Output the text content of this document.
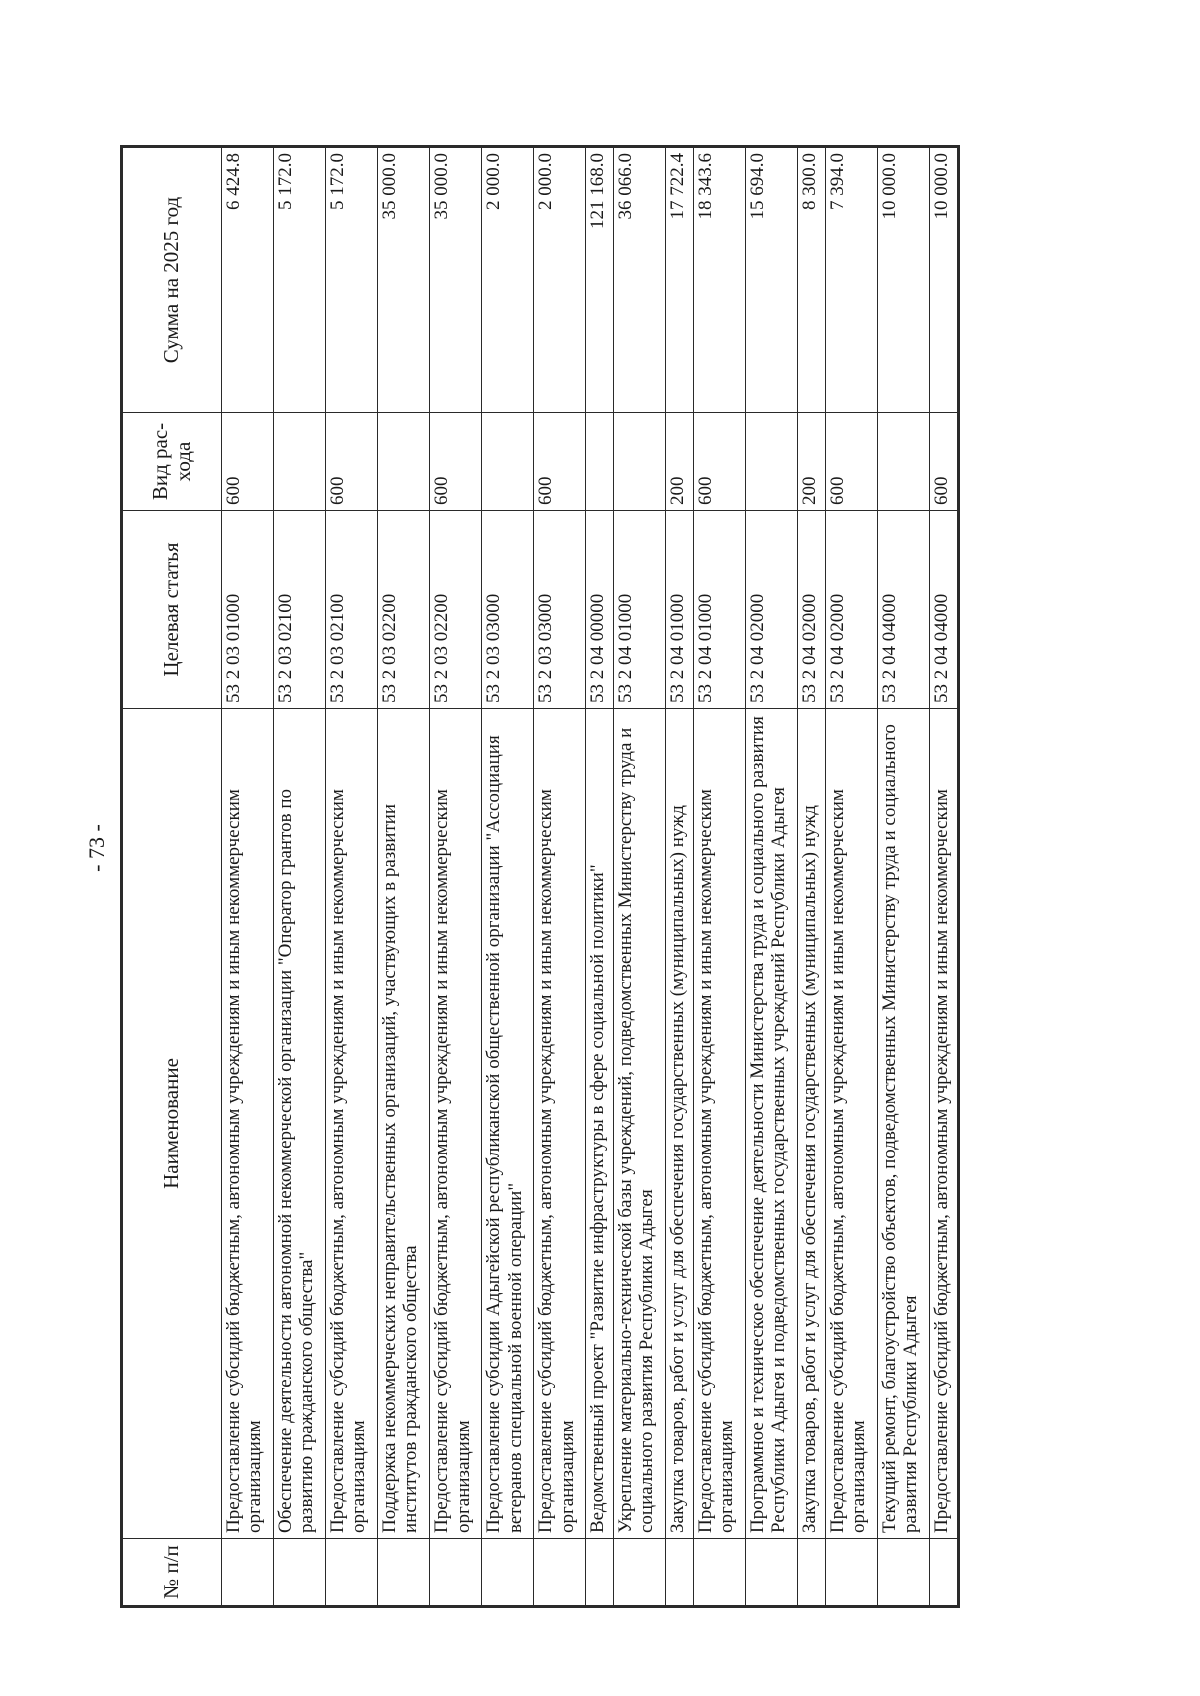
- 73 -
№ п/п	Наименование	Целевая статья	Вид рас-хода	Сумма на 2025 год
	Предоставление субсидий бюджетным, автономным учреждениям и иным некоммерческим организациям	53 2 03 01000	600	6 424.8
	Обеспечение деятельности автономной некоммерческой организации "Оператор грантов по развитию гражданского общества"	53 2 03 02100		5 172.0
	Предоставление субсидий бюджетным, автономным учреждениям и иным некоммерческим организациям	53 2 03 02100	600	5 172.0
	Поддержка некоммерческих неправительственных организаций, участвующих в развитии институтов гражданского общества	53 2 03 02200		35 000.0
	Предоставление субсидий бюджетным, автономным учреждениям и иным некоммерческим организациям	53 2 03 02200	600	35 000.0
	Предоставление субсидии Адыгейской республиканской общественной организации "Ассоциация ветеранов специальной военной операции"	53 2 03 03000		2 000.0
	Предоставление субсидий бюджетным, автономным учреждениям и иным некоммерческим организациям	53 2 03 03000	600	2 000.0
	Ведомственный проект "Развитие инфраструктуры в сфере социальной политики"	53 2 04 00000		121 168.0
	Укрепление материально-технической базы учреждений, подведомственных Министерству труда и социального развития Республики Адыгея	53 2 04 01000		36 066.0
	Закупка товаров, работ и услуг для обеспечения государственных (муниципальных) нужд	53 2 04 01000	200	17 722.4
	Предоставление субсидий бюджетным, автономным учреждениям и иным некоммерческим организациям	53 2 04 01000	600	18 343.6
	Программное и техническое обеспечение деятельности Министерства труда и социального развития Республики Адыгея и подведомственных государственных учреждений Республики Адыгея	53 2 04 02000		15 694.0
	Закупка товаров, работ и услуг для обеспечения государственных (муниципальных) нужд	53 2 04 02000	200	8 300.0
	Предоставление субсидий бюджетным, автономным учреждениям и иным некоммерческим организациям	53 2 04 02000	600	7 394.0
	Текущий ремонт, благоустройство объектов, подведомственных Министерству труда и социального развития Республики Адыгея	53 2 04 04000		10 000.0
	Предоставление субсидий бюджетным, автономным учреждениям и иным некоммерческим	53 2 04 04000	600	10 000.0
